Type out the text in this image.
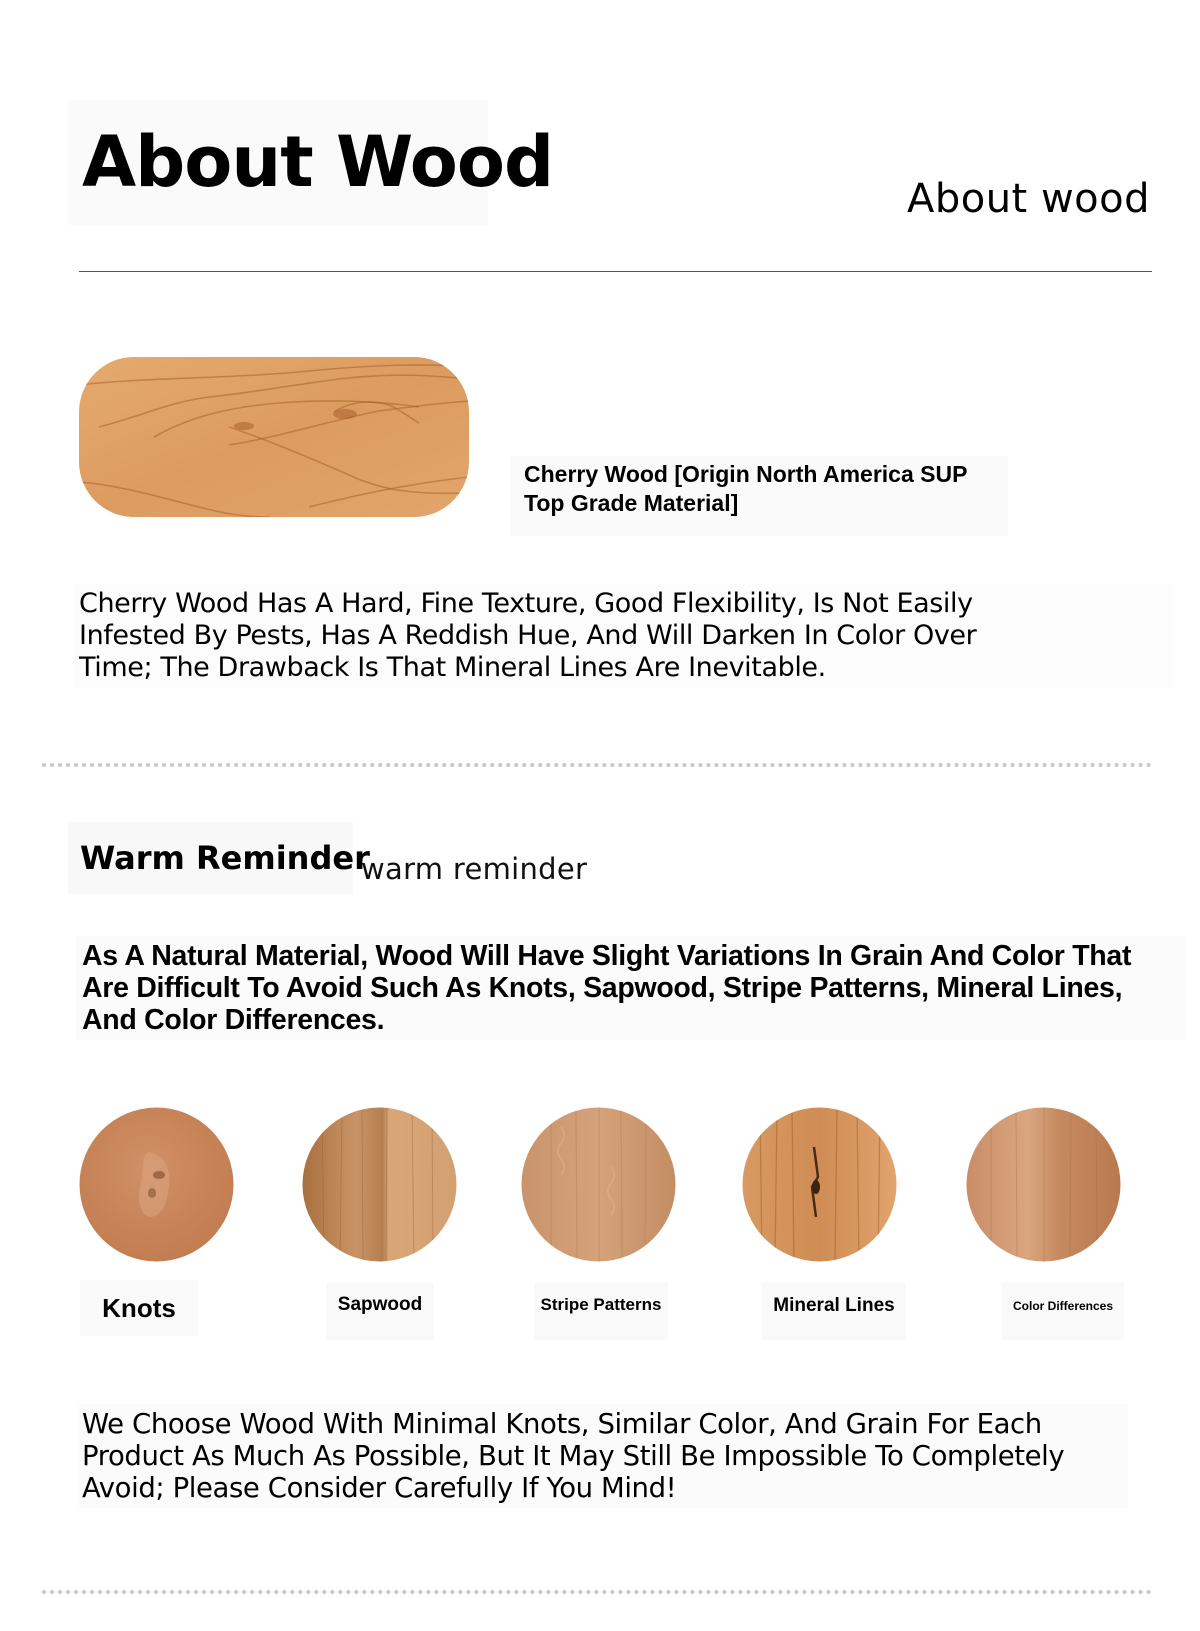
About Wood	About wood
Cherry Wood [Origin North America SUP
Top Grade Material]
Cherry Wood Has A Hard, Fine Texture, Good Flexibility, Is Not Easily
Infested By Pests, Has A Reddish Hue, And Will Darken In Color Over
Time; The Drawback Is That Mineral Lines Are Inevitable.
Warm Reminder
warm reminder
As A Natural Material, Wood Will Have Slight Variations In Grain And Color That
Are Difficult To Avoid Such As Knots, Sapwood, Stripe Patterns, Mineral Lines,
And Color Differences.
Knots	Sapwood	Stripe Patterns	Mineral Lines	Color Differences
We Choose Wood With Minimal Knots, Similar Color, And Grain For Each
Product As Much As Possible, But It May Still Be Impossible To Completely
Avoid; Please Consider Carefully If You Mind!
